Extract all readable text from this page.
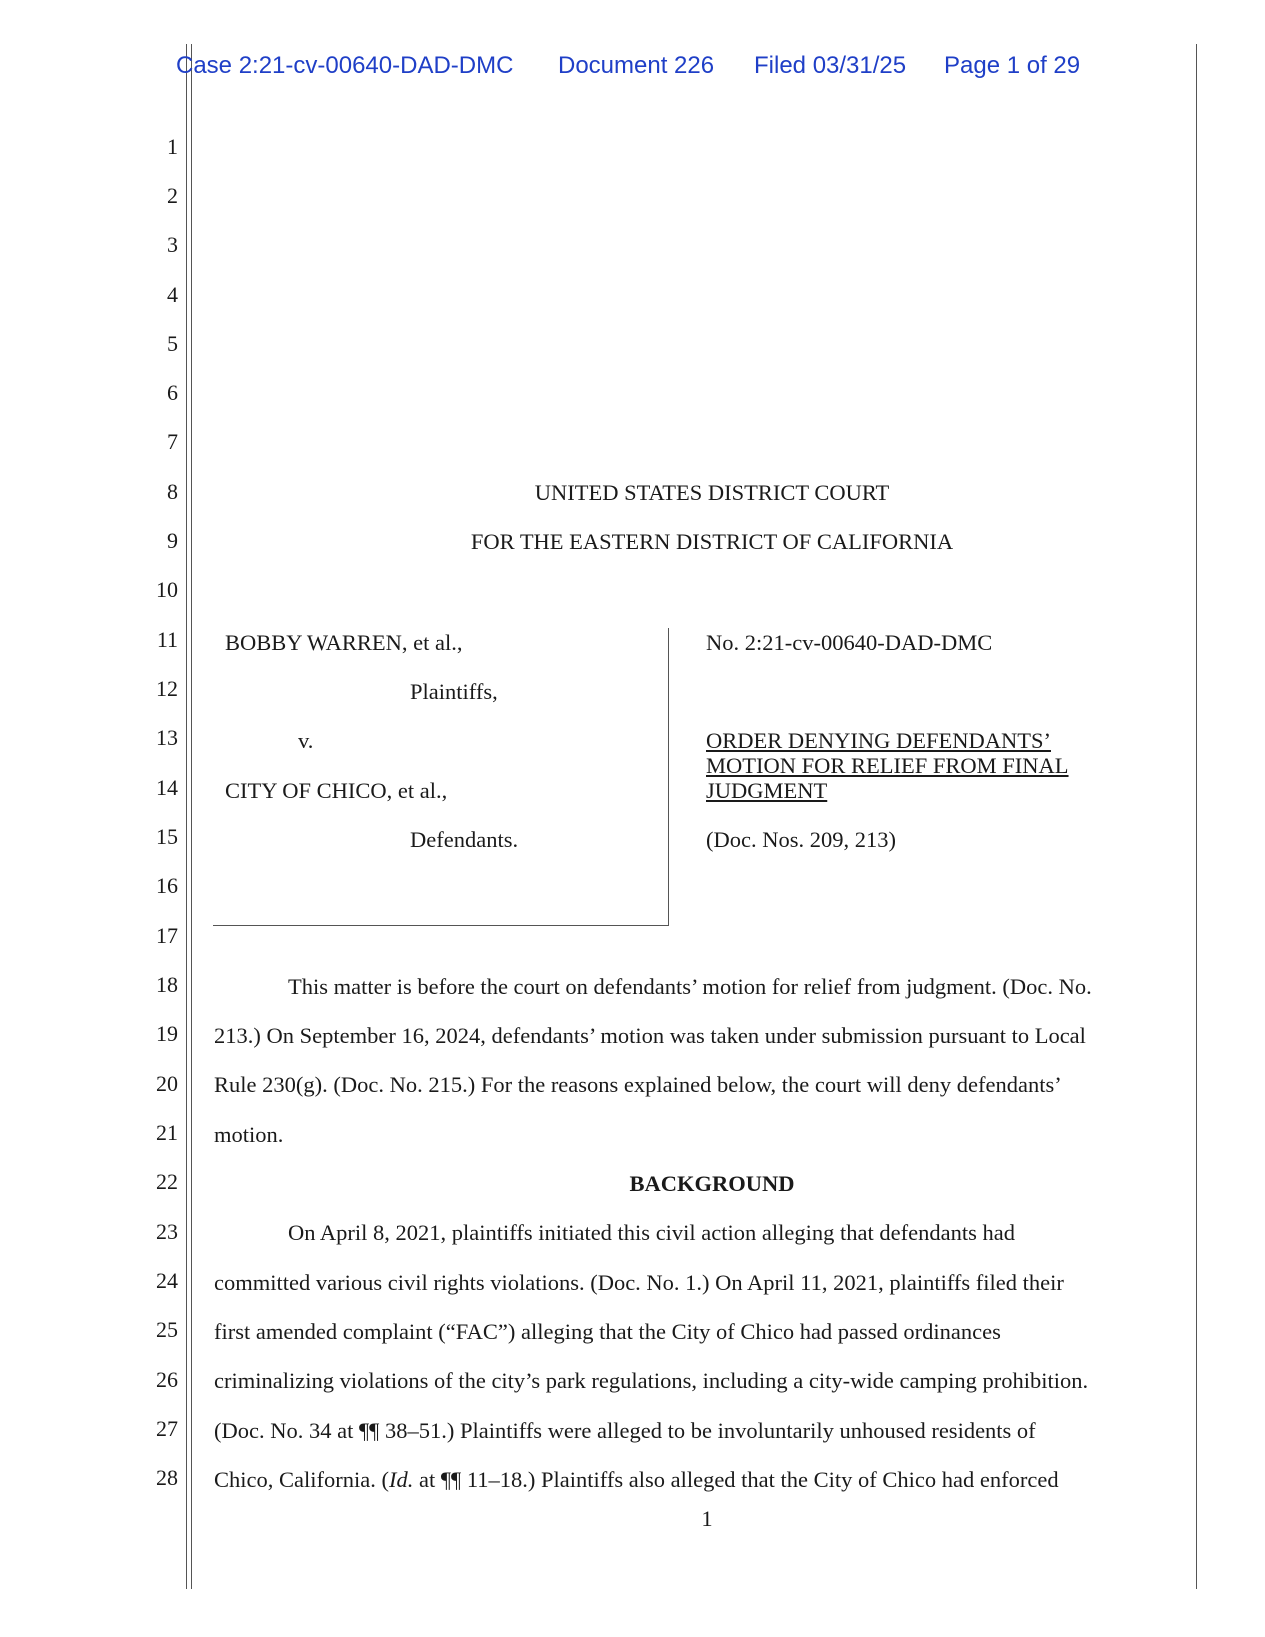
Case 2:21-cv-00640-DAD-DMC Document 226 Filed 03/31/25 Page 1 of 29
1
2
3
4
5
6
7
8
9
10
11
12
13
14
15
16
17
18
19
20
21
22
23
24
25
26
27
28
UNITED STATES DISTRICT COURT
FOR THE EASTERN DISTRICT OF CALIFORNIA
BOBBY WARREN, et al.,
Plaintiffs,
v.
CITY OF CHICO, et al.,
Defendants.
No. 2:21-cv-00640-DAD-DMC
ORDER DENYING DEFENDANTS’
MOTION FOR RELIEF FROM FINAL
JUDGMENT
(Doc. Nos. 209, 213)
This matter is before the court on defendants’ motion for relief from judgment. (Doc. No.
213.) On September 16, 2024, defendants’ motion was taken under submission pursuant to Local
Rule 230(g). (Doc. No. 215.) For the reasons explained below, the court will deny defendants’
motion.
BACKGROUND
On April 8, 2021, plaintiffs initiated this civil action alleging that defendants had
committed various civil rights violations. (Doc. No. 1.) On April 11, 2021, plaintiffs filed their
first amended complaint (“FAC”) alleging that the City of Chico had passed ordinances
criminalizing violations of the city’s park regulations, including a city-wide camping prohibition.
(Doc. No. 34 at ¶¶ 38–51.) Plaintiffs were alleged to be involuntarily unhoused residents of
Chico, California. (Id. at ¶¶ 11–18.) Plaintiffs also alleged that the City of Chico had enforced
1
